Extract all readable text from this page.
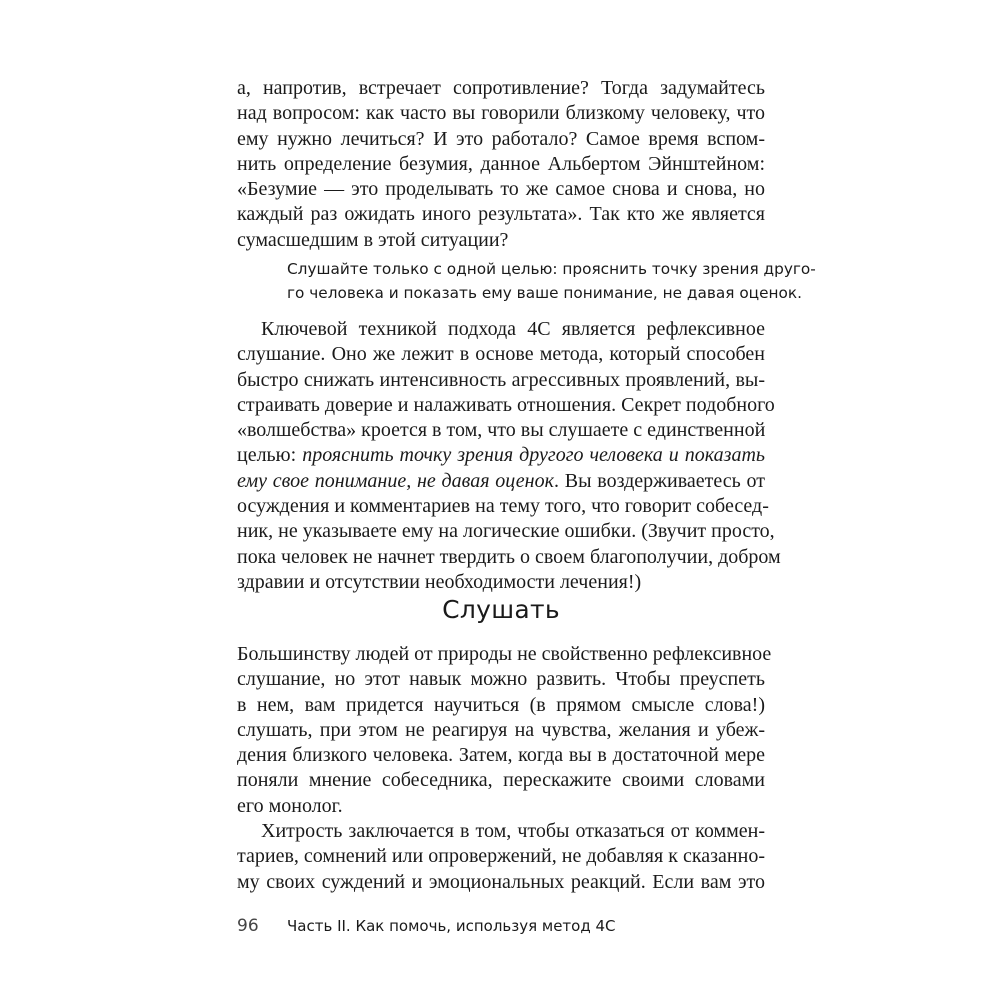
а, напротив, встречает сопротивление? Тогда задумайтесь
над вопросом: как часто вы говорили близкому человеку, что
ему нужно лечиться? И это работало? Самое время вспом-
нить определение безумия, данное Альбертом Эйнштейном:
«Безумие — это проделывать то же самое снова и снова, но
каждый раз ожидать иного результата». Так кто же является
сумасшедшим в этой ситуации?
Слушайте только с одной целью: прояснить точку зрения друго-
го человека и показать ему ваше понимание, не давая оценок.
Ключевой техникой подхода 4С является рефлексивное
слушание. Оно же лежит в основе метода, который способен
быстро снижать интенсивность агрессивных проявлений, вы-
страивать доверие и налаживать отношения. Секрет подобного
«волшебства» кроется в том, что вы слушаете с единственной
целью: прояснить точку зрения другого человека и показать
ему свое понимание, не давая оценок. Вы воздерживаетесь от
осуждения и комментариев на тему того, что говорит собесед-
ник, не указываете ему на логические ошибки. (Звучит просто,
пока человек не начнет твердить о своем благополучии, добром
здравии и отсутствии необходимости лечения!)
Слушать
Большинству людей от природы не свойственно рефлексивное
слушание, но этот навык можно развить. Чтобы преуспеть
в нем, вам придется научиться (в прямом смысле слова!)
слушать, при этом не реагируя на чувства, желания и убеж-
дения близкого человека. Затем, когда вы в достаточной мере
поняли мнение собеседника, перескажите своими словами
его монолог.
Хитрость заключается в том, чтобы отказаться от коммен-
тариев, сомнений или опровержений, не добавляя к сказанно-
му своих суждений и эмоциональных реакций. Если вам это
96 Часть II. Как помочь, используя метод 4С
